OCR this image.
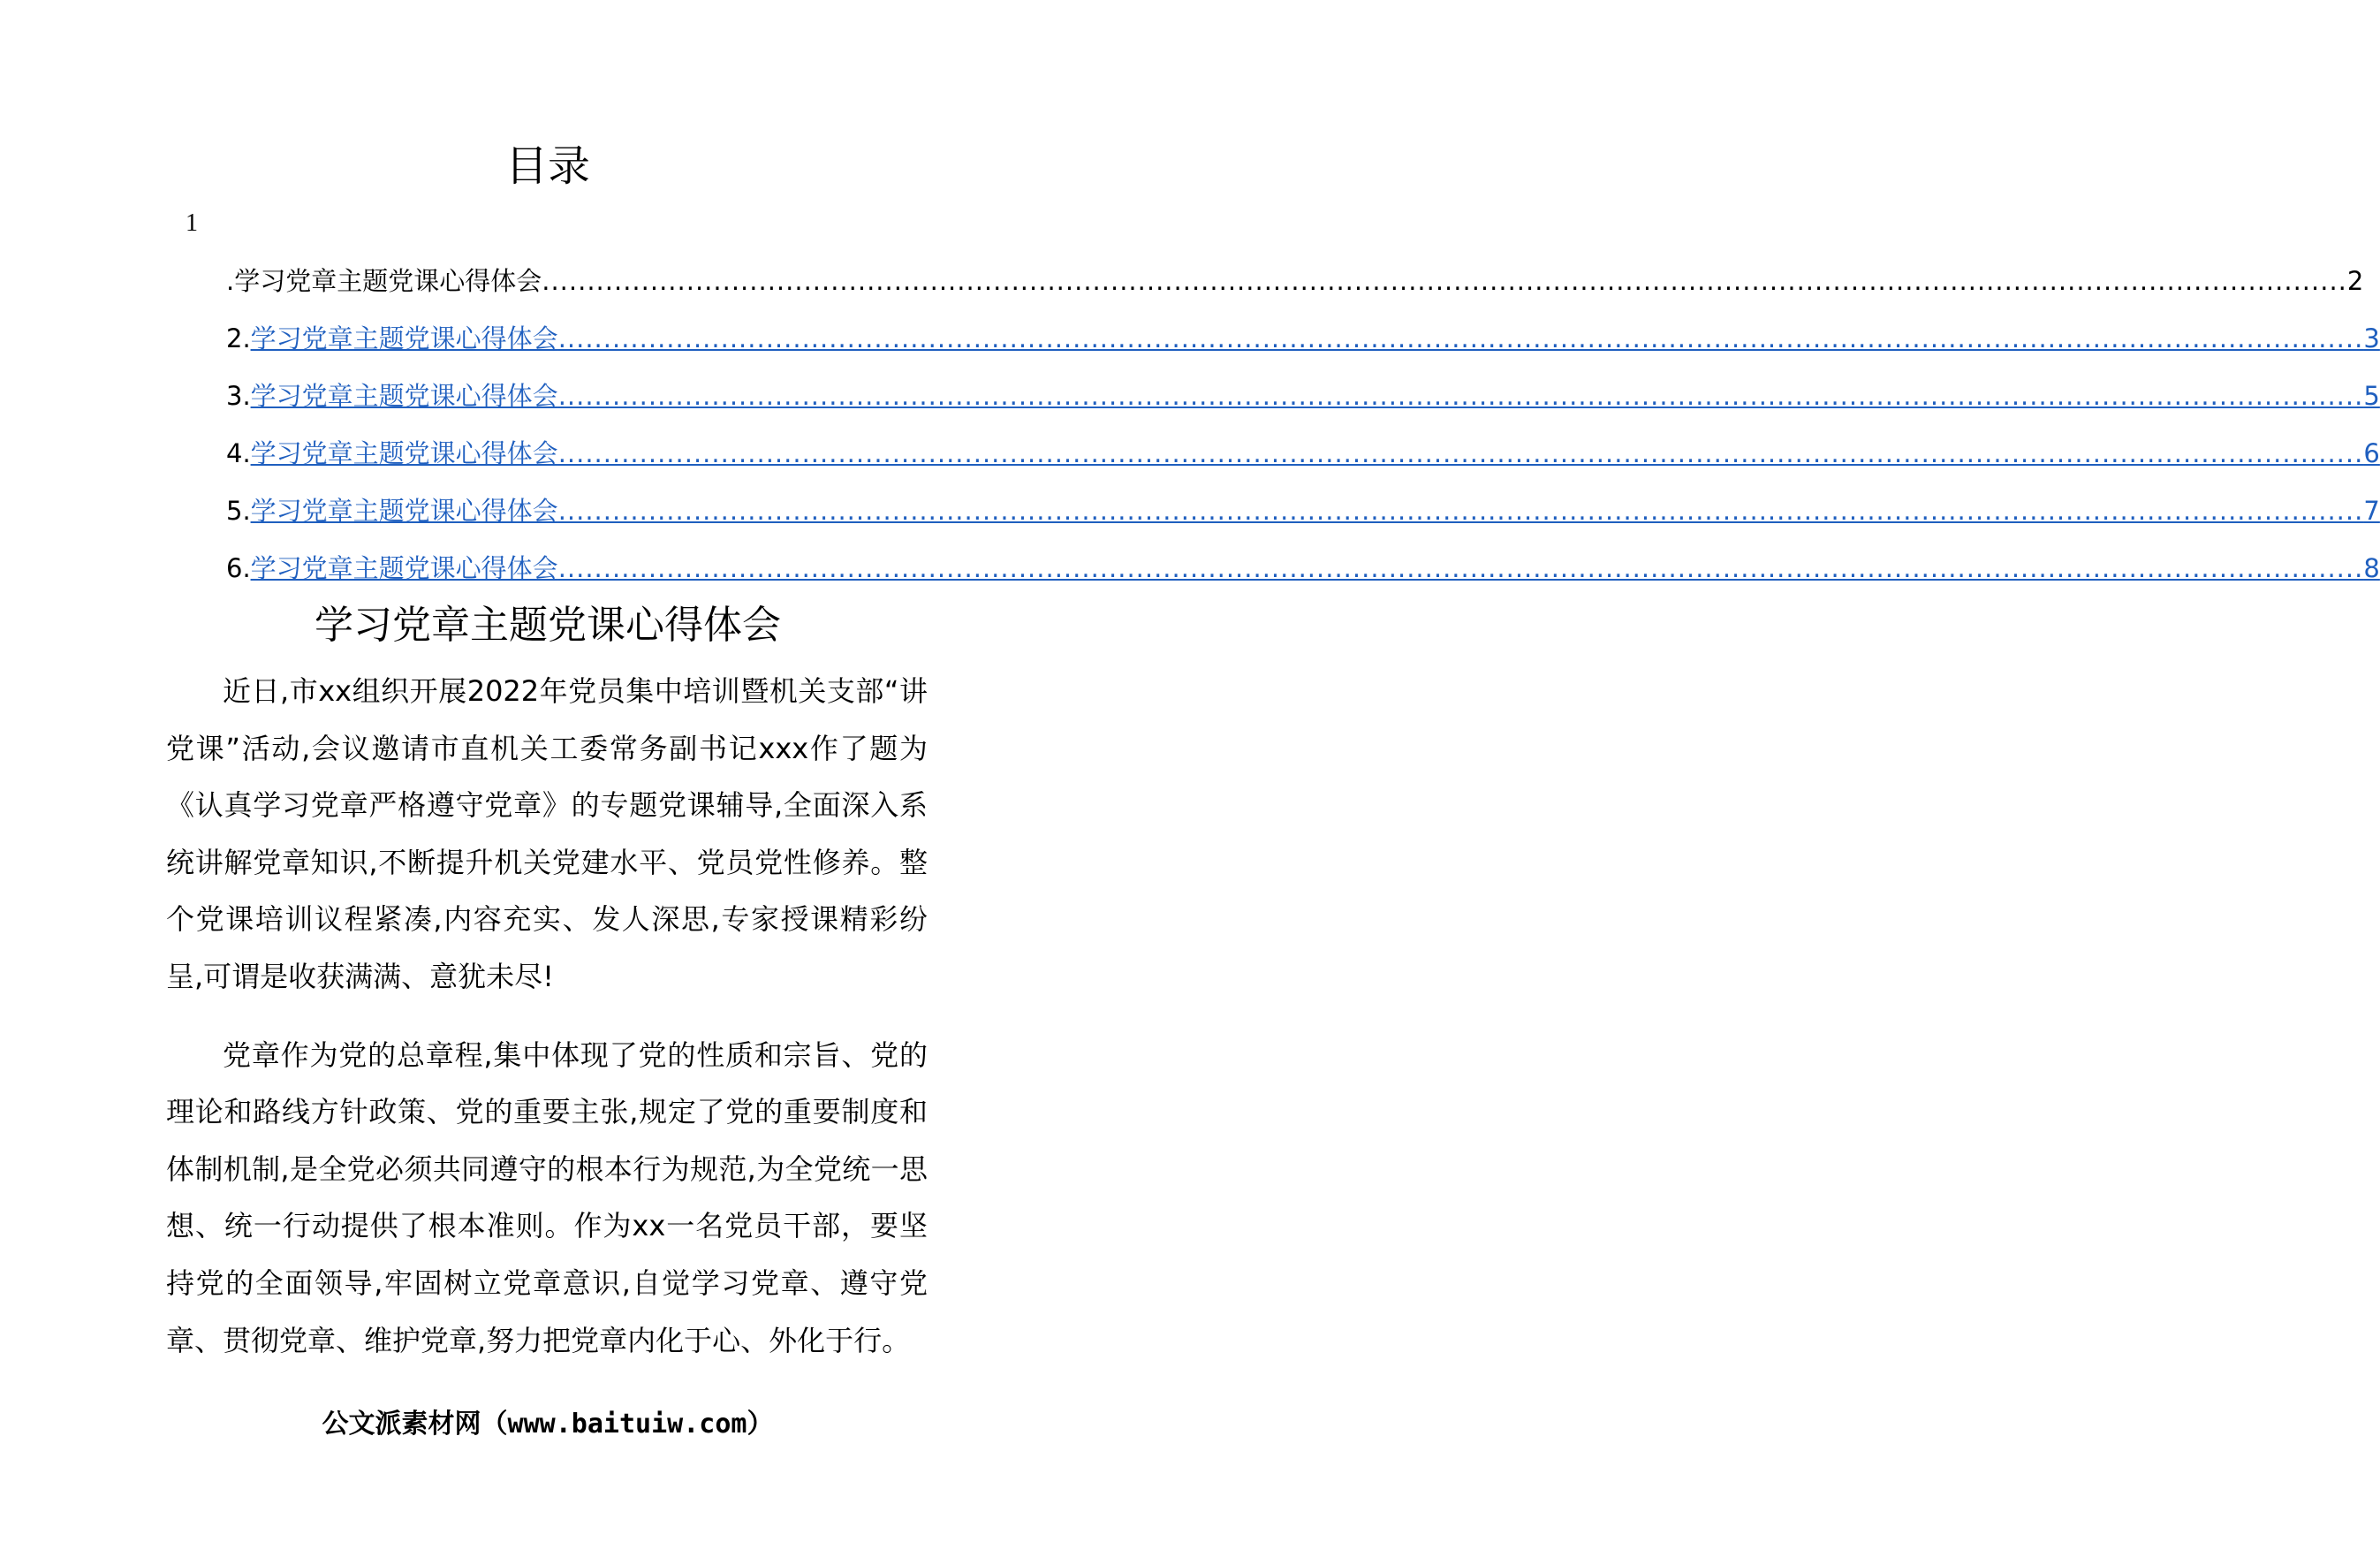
目录
1
.学习党章主题党课心得体会 ........................................................................................................................................................................................................ 2
2. 学习党章主题党课心得体会 ........................................................................................................................................................................................................ 3
3. 学习党章主题党课心得体会 ........................................................................................................................................................................................................ 5
4. 学习党章主题党课心得体会 ........................................................................................................................................................................................................ 6
5. 学习党章主题党课心得体会 ........................................................................................................................................................................................................ 7
6. 学习党章主题党课心得体会 ........................................................................................................................................................................................................ 8
学习党章主题党课心得体会

近日,市xx组织开展2022年党员集中培训暨机关支部“讲党课”活动,会议邀请市直机关工委常务副书记xxx作了题为《认真学习党章严格遵守党章》的专题党课辅导,全面深入系统讲解党章知识,不断提升机关党建水平、党员党性修养。整个党课培训议程紧凑,内容充实、发人深思,专家授课精彩纷呈,可谓是收获满满、意犹未尽!

党章作为党的总章程,集中体现了党的性质和宗旨、党的理论和路线方针政策、党的重要主张,规定了党的重要制度和体制机制,是全党必须共同遵守的根本行为规范,为全党统一思想、统一行动提供了根本准则。作为xx一名党员干部，要坚持党的全面领导,牢固树立党章意识,自觉学习党章、遵守党章、贯彻党章、维护党章,努力把党章内化于心、外化于行。

公文派素材网（www.baituiw.com）
